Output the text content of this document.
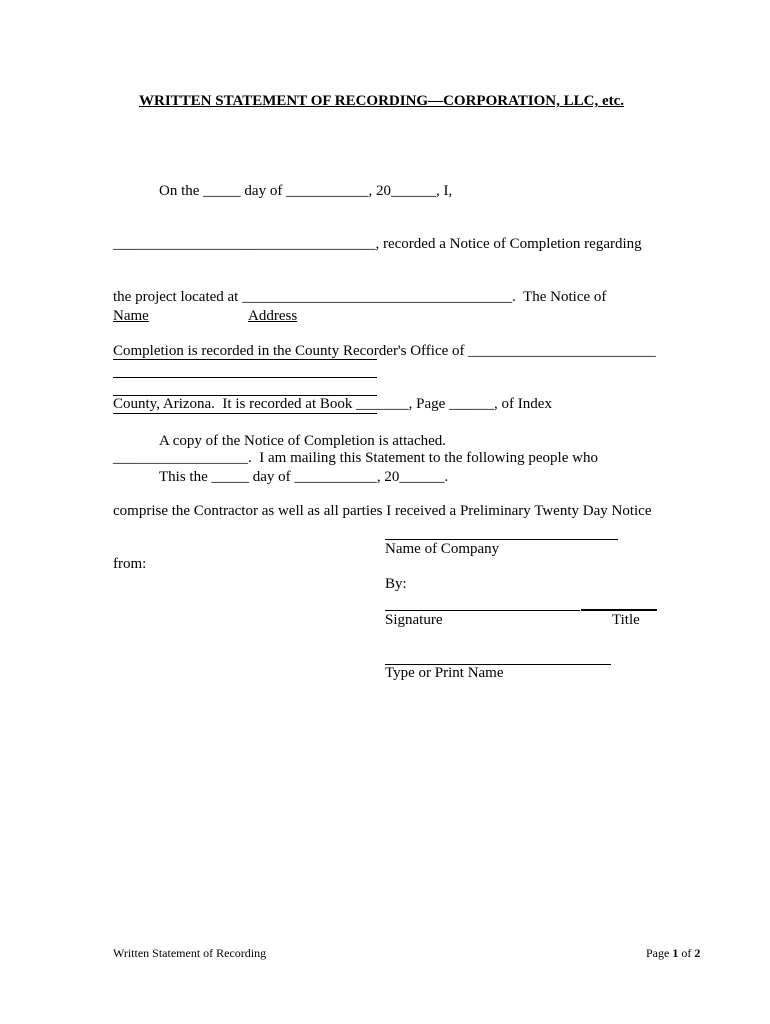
WRITTEN STATEMENT OF RECORDING—CORPORATION, LLC, etc.

On the _____ day of ___________, 20______, I,

___________________________________, recorded a Notice of Completion regarding

the project located at ____________________________________.  The Notice of

Completion is recorded in the County Recorder's Office of _________________________

County, Arizona.  It is recorded at Book _______, Page ______, of Index

__________________.  I am mailing this Statement to the following people who

comprise the Contractor as well as all parties I received a Preliminary Twenty Day Notice

from:

Name	Address
A copy of the Notice of Completion is attached.
This the _____ day of ___________, 20______.
Name of Company
By:
Signature	Title
Type or Print Name
Written Statement of Recording	Page 1 of 2
